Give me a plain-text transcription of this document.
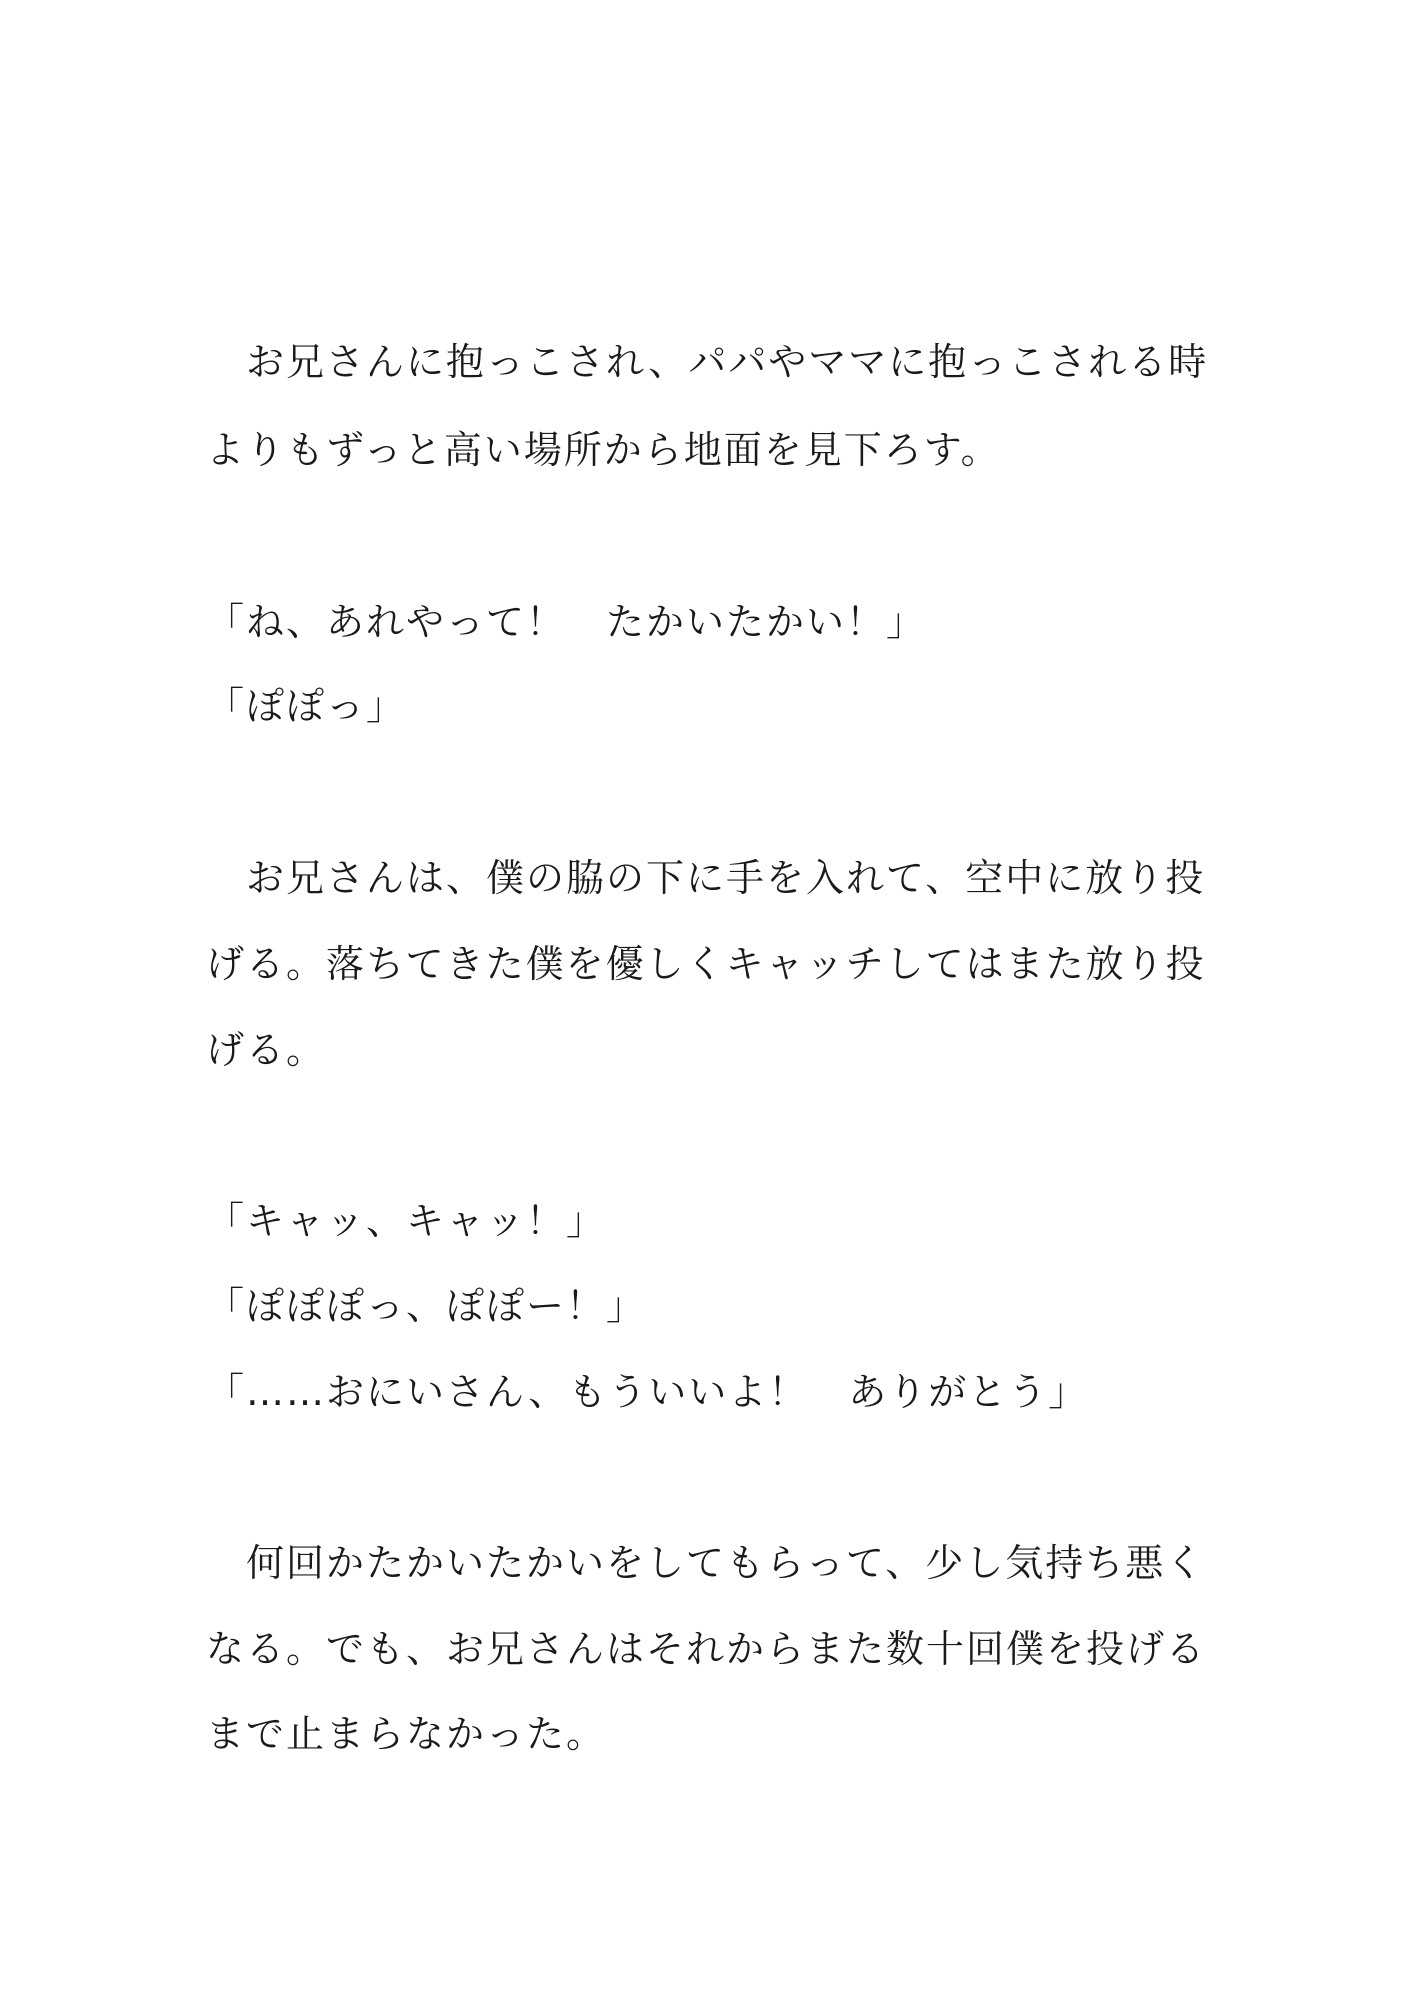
　お兄さんに抱っこされ、パパやママに抱っこされる時
よりもずっと高い場所から地面を見下ろす。
「ね、あれやって！　たかいたかい！」
「ぽぽっ」
　お兄さんは、僕の脇の下に手を入れて、空中に放り投
げる。落ちてきた僕を優しくキャッチしてはまた放り投
げる。
「キャッ、キャッ！」
「ぽぽぽっ、ぽぽー！」
「……おにいさん、もういいよ！　ありがとう」
　何回かたかいたかいをしてもらって、少し気持ち悪く
なる。でも、お兄さんはそれからまた数十回僕を投げる
まで止まらなかった。
